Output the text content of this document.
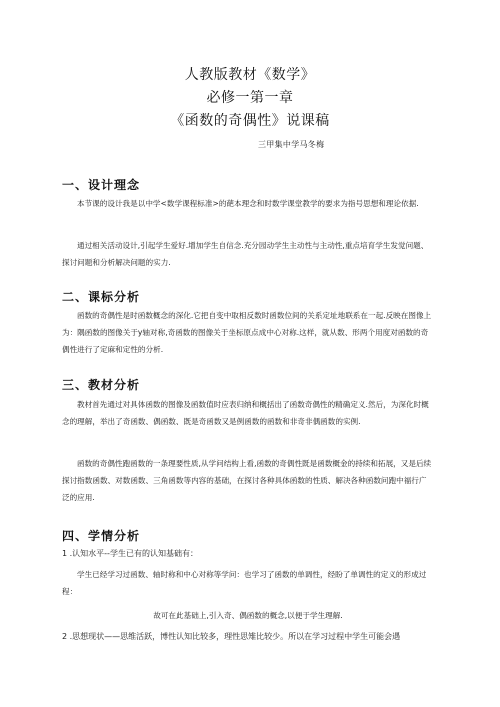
人教版教材《数学》
必修一第一章
《函数的奇偶性》说课稿
三甲集中学马冬梅
一、设计理念
本节课的设计我是以中学<数学课程标准>的葩本理念和时数学课堂教学的要求为指号思想和理论依据.
通过相关活动设计,引起学生爱好.增加学生自信念.充分园动学生主动性与主动性,重点培育学生发觉问题、探讨问题和分析解决问题的实力.
二、课标分析
函数的奇偶性是时函数概念的深化.它把自变中取相反数时函数位间的关系定址地联系在一起.反映在图像上为：隅函数的图像关于y轴对称,奇函数的图像关于坐标原点成中心对称.这样，就从数、形两个用度对函数的奇偶性进行了定麻和定性的分析.
三、教材分析
教材首先通过对具体函数的图像及函数值时应表归纳和概括出了函数奇偶性的精确定义.然后，为深化时概念的理解，举出了奇函数、偶函数、既是奇函数又是例函数的函数和非奇非偶函数的实例.
函数的奇偶性跑函数的一条理要性质,从学问结构上看,函数的奇偶性既是函数概金的持续和拓展，又是后续探讨指数函数、对数函数、三角函数等内容的基础，在探讨各种具体函数的性质、解决各种函数问跑中福行广泛的应用.
四、学情分析
1 .认知水平--学生已有的认知基础有：
学生已经学习过函数、轴时称和中心对称等学问：也学习了函数的单调性，经盼了单调性的定义的形成过程：
故可在此基础上,引入奇、偶函数的概念,以便于学生理解.
2 .思想现状——思维活跃，博性认知比较多，理性思雉比较少。所以在学习过程中学生可能会遇
